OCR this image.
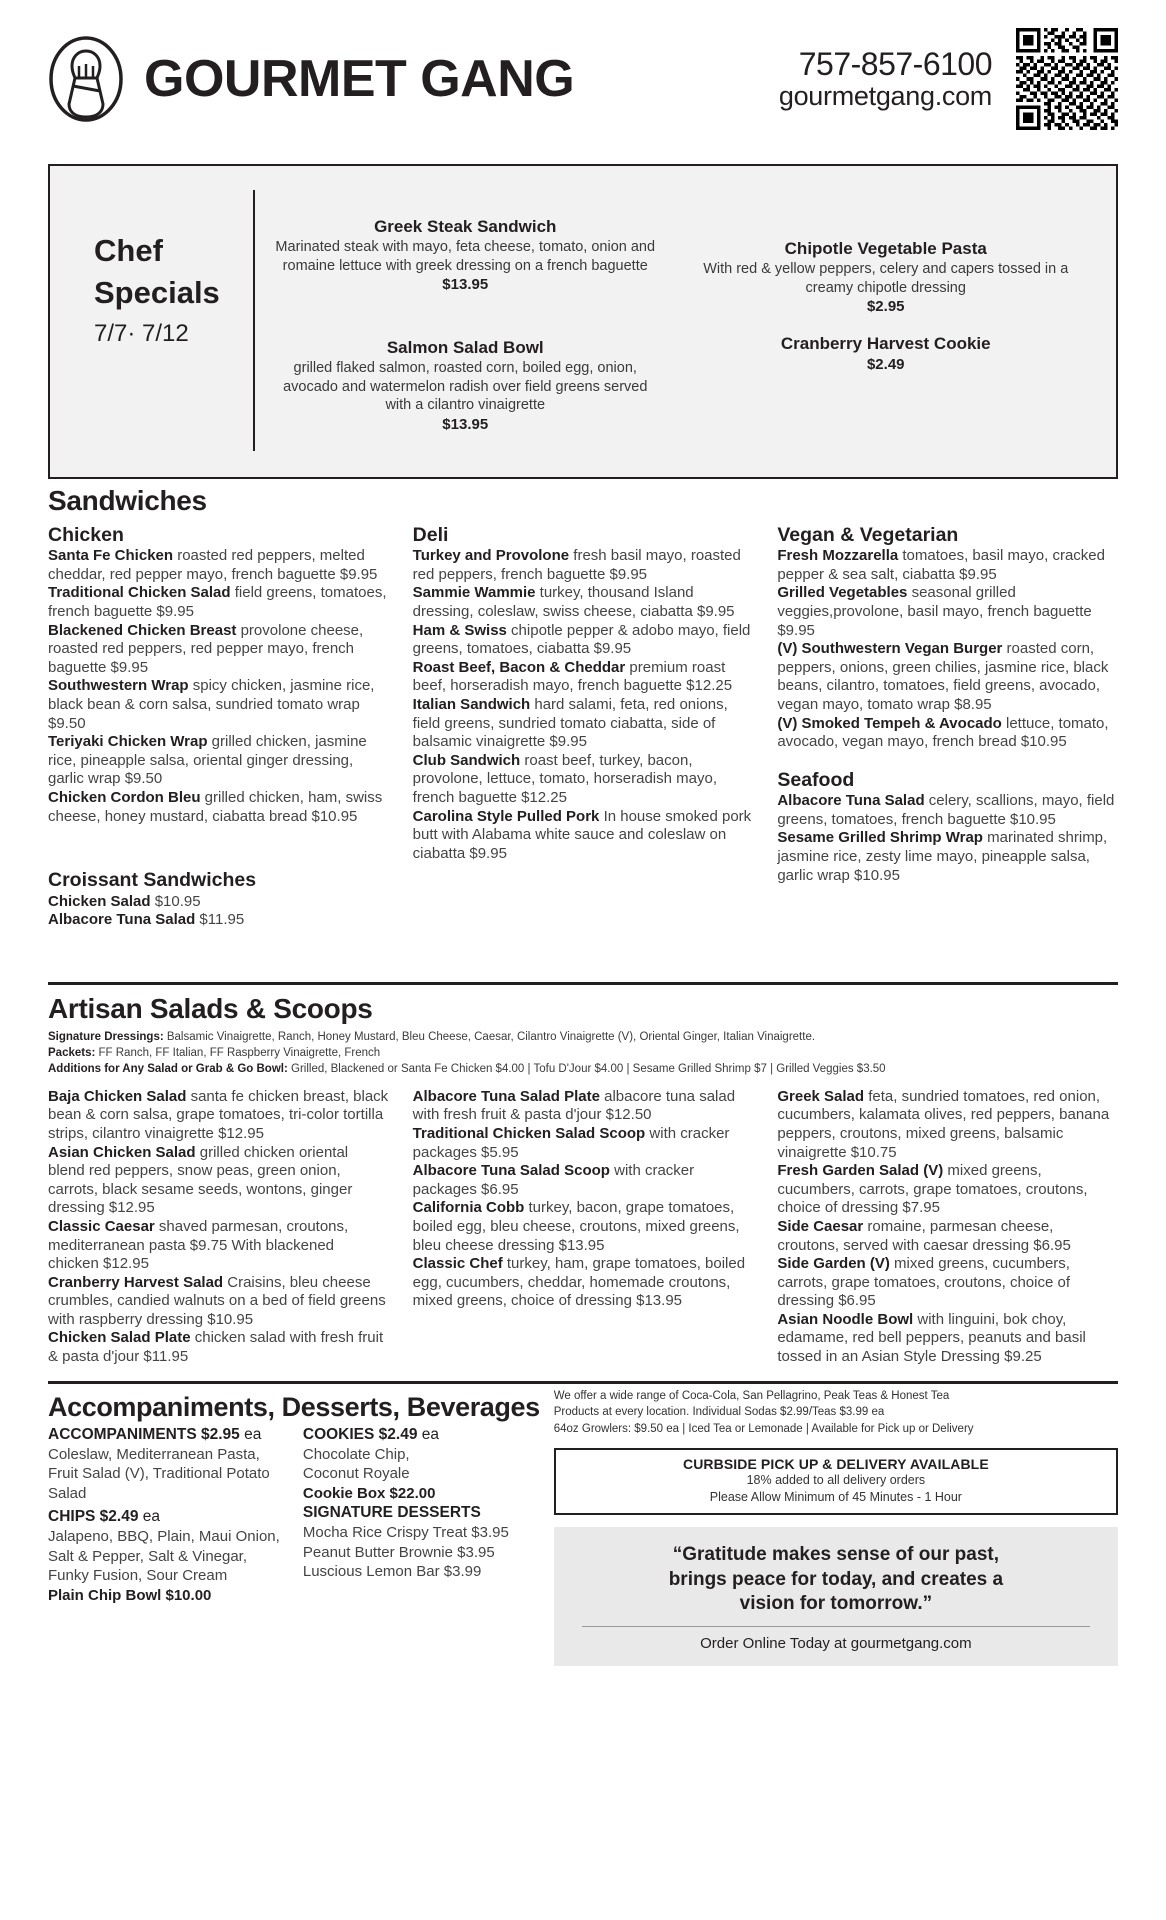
GOURMET GANG	757-857-6100
gourmetgang.com
Chef
Specials
7/7· 7/12
Greek Steak Sandwich
Marinated steak with mayo, feta cheese, tomato, onion and romaine lettuce with greek dressing on a french baguette
$13.95
Salmon Salad Bowl
grilled flaked salmon, roasted corn, boiled egg, onion, avocado and watermelon radish over field greens served with a cilantro vinaigrette
$13.95
Chipotle Vegetable Pasta
With red & yellow peppers, celery and capers tossed in a creamy chipotle dressing
$2.95
Cranberry Harvest Cookie
$2.49
Sandwiches
Chicken
Santa Fe Chicken roasted red peppers, melted cheddar, red pepper mayo, french baguette $9.95
Traditional Chicken Salad field greens, tomatoes, french baguette $9.95
Blackened Chicken Breast provolone cheese, roasted red peppers, red pepper mayo, french baguette $9.95
Southwestern Wrap spicy chicken, jasmine rice, black bean & corn salsa, sundried tomato wrap $9.50
Teriyaki Chicken Wrap grilled chicken, jasmine rice, pineapple salsa, oriental ginger dressing, garlic wrap $9.50
Chicken Cordon Bleu grilled chicken, ham, swiss cheese, honey mustard, ciabatta bread $10.95
Croissant Sandwiches
Chicken Salad $10.95
Albacore Tuna Salad $11.95
Deli
Turkey and Provolone fresh basil mayo, roasted red peppers, french baguette $9.95
Sammie Wammie turkey, thousand Island dressing, coleslaw, swiss cheese, ciabatta $9.95
Ham & Swiss chipotle pepper & adobo mayo, field greens, tomatoes, ciabatta $9.95
Roast Beef, Bacon & Cheddar premium roast beef, horseradish mayo, french baguette $12.25
Italian Sandwich hard salami, feta, red onions, field greens, sundried tomato ciabatta, side of balsamic vinaigrette $9.95
Club Sandwich roast beef, turkey, bacon, provolone, lettuce, tomato, horseradish mayo, french baguette $12.25
Carolina Style Pulled Pork In house smoked pork butt with Alabama white sauce and coleslaw on ciabatta $9.95
Vegan & Vegetarian
Fresh Mozzarella tomatoes, basil mayo, cracked pepper & sea salt, ciabatta $9.95
Grilled Vegetables seasonal grilled veggies,provolone, basil mayo, french baguette $9.95
(V) Southwestern Vegan Burger roasted corn, peppers, onions, green chilies, jasmine rice, black beans, cilantro, tomatoes, field greens, avocado, vegan mayo, tomato wrap $8.95
(V) Smoked Tempeh & Avocado lettuce, tomato, avocado, vegan mayo, french bread $10.95
Seafood
Albacore Tuna Salad celery, scallions, mayo, field greens, tomatoes, french baguette $10.95
Sesame Grilled Shrimp Wrap marinated shrimp, jasmine rice, zesty lime mayo, pineapple salsa, garlic wrap $10.95
Artisan Salads & Scoops
Signature Dressings: Balsamic Vinaigrette, Ranch, Honey Mustard, Bleu Cheese, Caesar, Cilantro Vinaigrette (V), Oriental Ginger, Italian Vinaigrette.
Packets: FF Ranch, FF Italian, FF Raspberry Vinaigrette, French
Additions for Any Salad or Grab & Go Bowl: Grilled, Blackened or Santa Fe Chicken $4.00 | Tofu D'Jour $4.00 | Sesame Grilled Shrimp $7 | Grilled Veggies $3.50
Baja Chicken Salad santa fe chicken breast, black bean & corn salsa, grape tomatoes, tri-color tortilla strips, cilantro vinaigrette $12.95
Asian Chicken Salad grilled chicken oriental blend red peppers, snow peas, green onion, carrots, black sesame seeds, wontons, ginger dressing $12.95
Classic Caesar shaved parmesan, croutons, mediterranean pasta $9.75 With blackened chicken $12.95
Cranberry Harvest Salad Craisins, bleu cheese crumbles, candied walnuts on a bed of field greens with raspberry dressing $10.95
Chicken Salad Plate chicken salad with fresh fruit & pasta d'jour $11.95
Albacore Tuna Salad Plate albacore tuna salad with fresh fruit & pasta d'jour $12.50
Traditional Chicken Salad Scoop with cracker packages $5.95
Albacore Tuna Salad Scoop with cracker packages $6.95
California Cobb turkey, bacon, grape tomatoes, boiled egg, bleu cheese, croutons, mixed greens, bleu cheese dressing $13.95
Classic Chef turkey, ham, grape tomatoes, boiled egg, cucumbers, cheddar, homemade croutons, mixed greens, choice of dressing $13.95
Greek Salad feta, sundried tomatoes, red onion, cucumbers, kalamata olives, red peppers, banana peppers, croutons, mixed greens, balsamic vinaigrette $10.75
Fresh Garden Salad (V) mixed greens, cucumbers, carrots, grape tomatoes, croutons, choice of dressing $7.95
Side Caesar romaine, parmesan cheese, croutons, served with caesar dressing $6.95
Side Garden (V) mixed greens, cucumbers, carrots, grape tomatoes, croutons, choice of dressing $6.95
Asian Noodle Bowl with linguini, bok choy, edamame, red bell peppers, peanuts and basil tossed in an Asian Style Dressing $9.25
Accompaniments, Desserts, Beverages
ACCOMPANIMENTS $2.95 ea
Coleslaw, Mediterranean Pasta,
Fruit Salad (V), Traditional Potato
Salad
CHIPS $2.49 ea
Jalapeno, BBQ, Plain, Maui Onion,
Salt & Pepper, Salt & Vinegar,
Funky Fusion, Sour Cream
Plain Chip Bowl $10.00
COOKIES $2.49 ea
Chocolate Chip,
Coconut Royale
Cookie Box $22.00
SIGNATURE DESSERTS
Mocha Rice Crispy Treat $3.95
Peanut Butter Brownie $3.95
Luscious Lemon Bar $3.99
We offer a wide range of Coca-Cola, San Pellagrino, Peak Teas & Honest Tea
Products at every location. Individual Sodas $2.99/Teas $3.99 ea
64oz Growlers: $9.50 ea | Iced Tea or Lemonade | Available for Pick up or Delivery
CURBSIDE PICK UP & DELIVERY AVAILABLE
18% added to all delivery orders
Please Allow Minimum of 45 Minutes - 1 Hour
“Gratitude makes sense of our past,
brings peace for today, and creates a
vision for tomorrow.”
Order Online Today at gourmetgang.com
